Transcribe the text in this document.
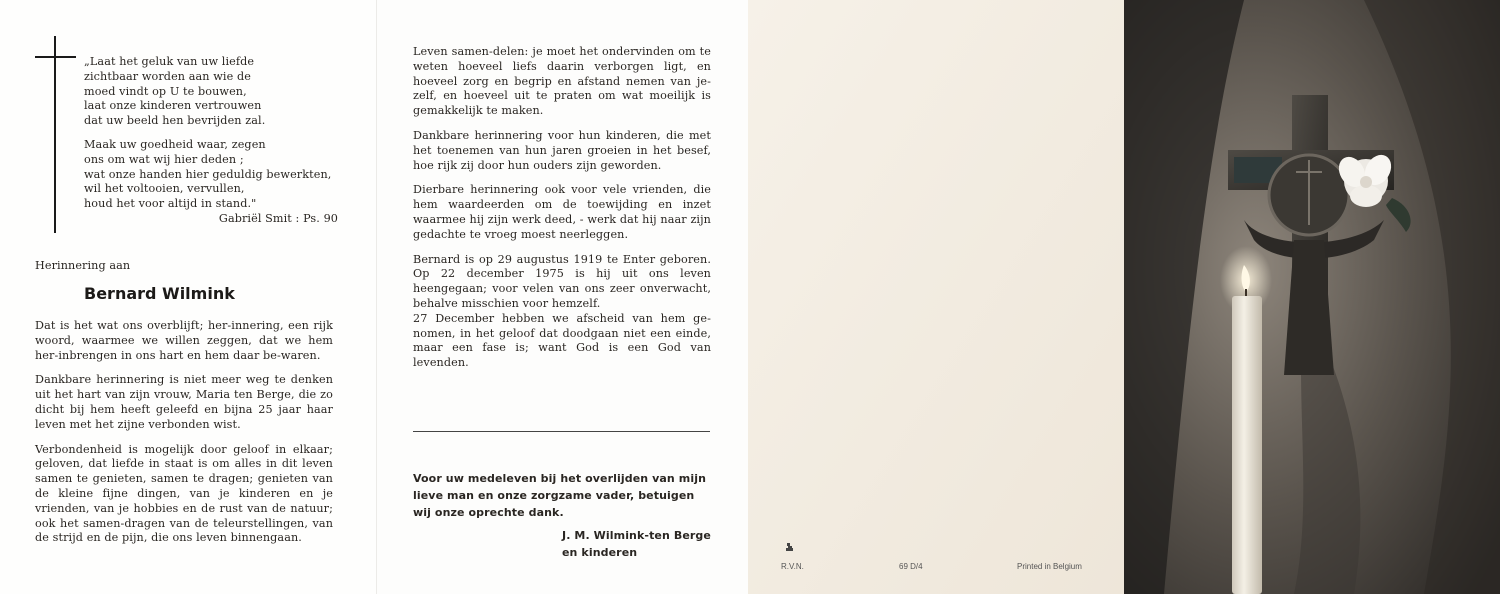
„Laat het geluk van uw liefde

zichtbaar worden aan wie de

moed vindt op U te bouwen,

laat onze kinderen vertrouwen

dat uw beeld hen bevrijden zal.

Maak uw goedheid waar, zegen

ons om wat wij hier deden ;

wat onze handen hier geduldig bewerkten,

wil het voltooien, vervullen,

houd het voor altijd in stand."

Gabriël Smit : Ps. 90

Herinnering aan
Bernard Wilmink

Dat is het wat ons overblijft; her-innering, een rijk woord, waarmee we willen zeggen, dat we hem her-inbrengen in ons hart en hem daar be-waren.

Dankbare herinnering is niet meer weg te denken uit het hart van zijn vrouw, Maria ten Berge, die zo dicht bij hem heeft geleefd en bijna 25 jaar haar leven met het zijne verbonden wist.

Verbondenheid is mogelijk door geloof in elkaar; geloven, dat liefde in staat is om alles in dit leven samen te genieten, samen te dragen; genieten van de kleine fijne dingen, van je kinderen en je vrienden, van je hobbies en de rust van de natuur; ook het samen-dragen van de teleurstellingen, van de strijd en de pijn, die ons leven binnengaan.

Leven samen-delen: je moet het ondervinden om te weten hoeveel liefs daarin verborgen ligt, en hoeveel zorg en begrip en afstand nemen van je-zelf, en hoeveel uit te praten om wat moeilijk is gemakkelijk te maken.

Dankbare herinnering voor hun kinderen, die met het toenemen van hun jaren groeien in het besef, hoe rijk zij door hun ouders zijn geworden.

Dierbare herinnering ook voor vele vrienden, die hem waardeerden om de toewijding en inzet waarmee hij zijn werk deed, - werk dat hij naar zijn gedachte te vroeg moest neerleggen.

Bernard is op 29 augustus 1919 te Enter geboren. Op 22 december 1975 is hij uit ons leven heengegaan; voor velen van ons zeer onverwacht, behalve misschien voor hemzelf.

27 December hebben we afscheid van hem ge-nomen, in het geloof dat doodgaan niet een einde, maar een fase is; want God is een God van levenden.

Voor uw medeleven bij het overlijden van mijn lieve man en onze zorgzame vader, betuigen wij onze oprechte dank.
J. M. Wilmink-ten Berge
en kinderen
R.V.N.	69 D/4	Printed in Belgium
